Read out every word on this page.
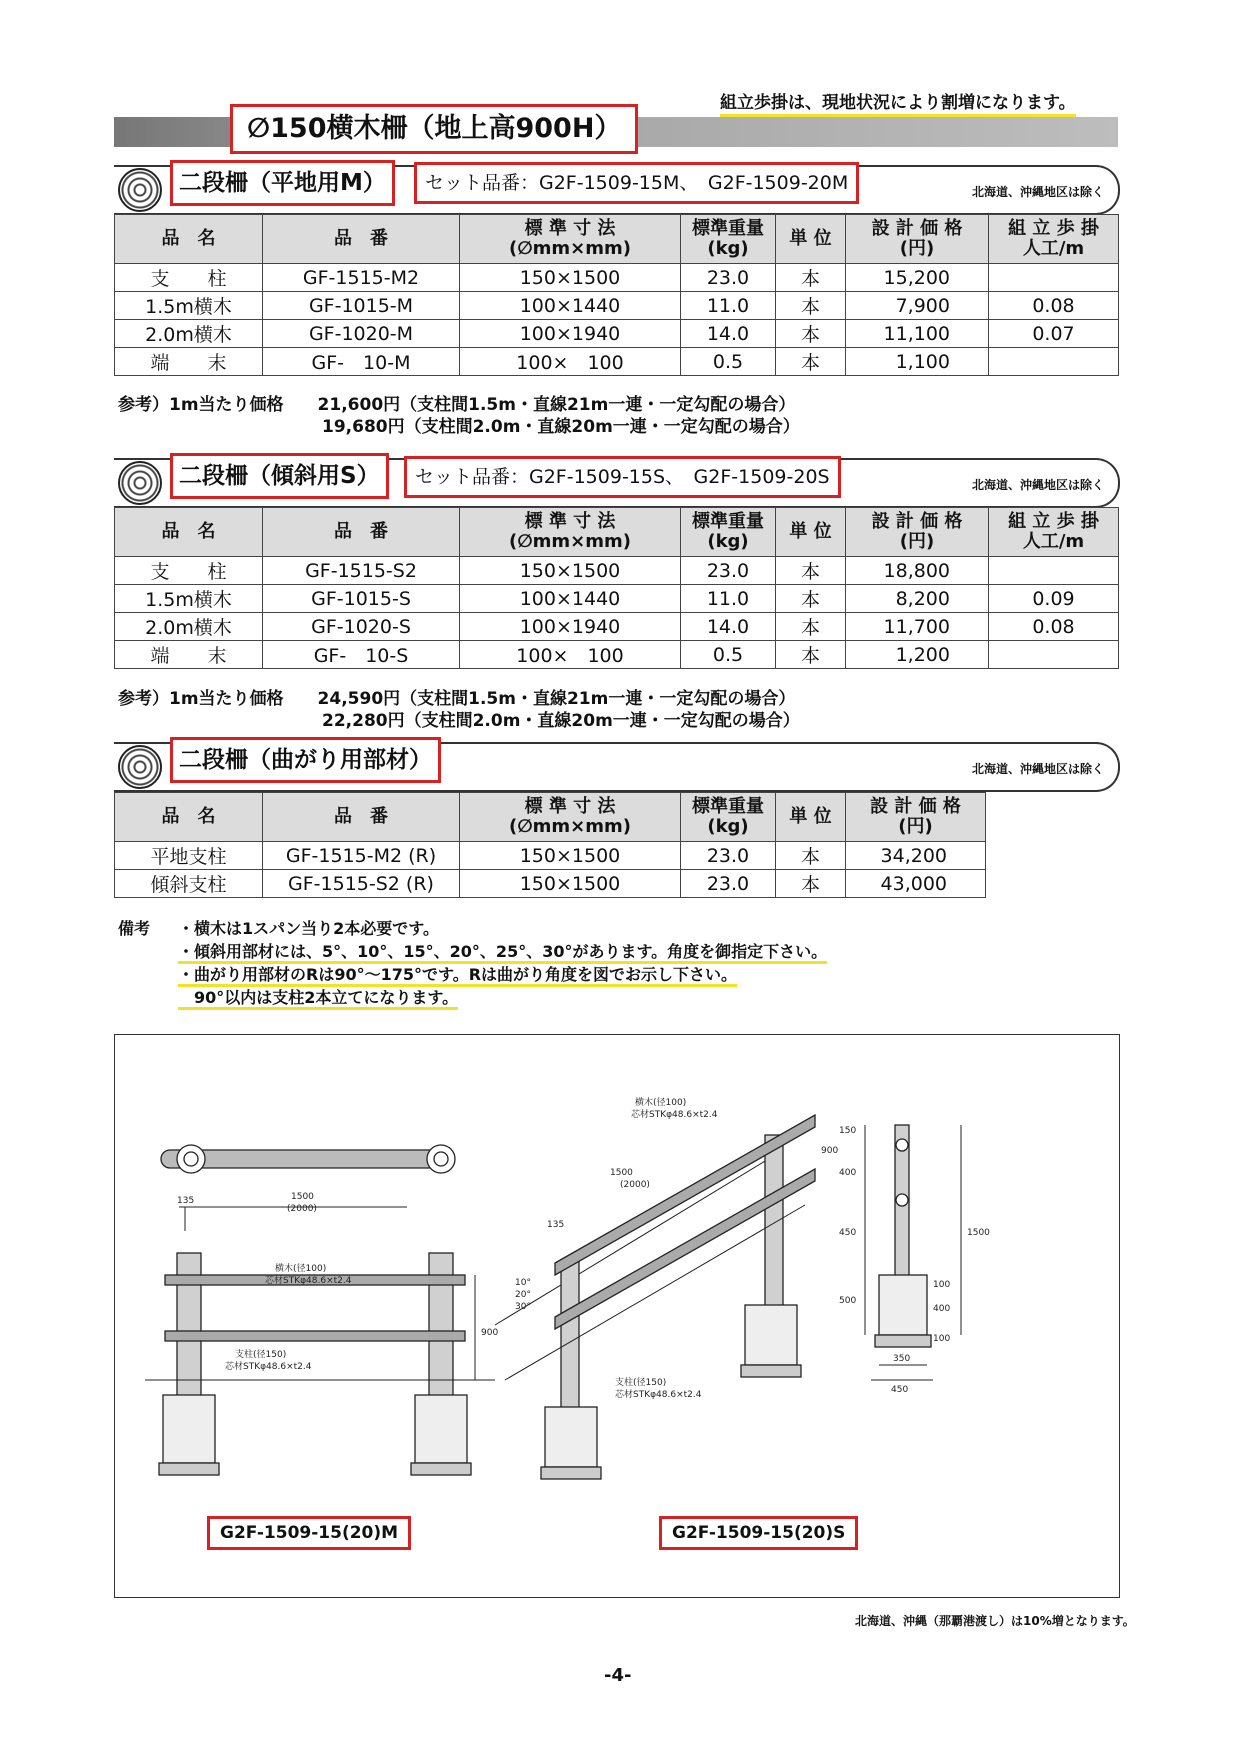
組立歩掛は、現地状況により割増になります。
∅150横木柵（地上高900H）
二段柵（平地用M）	セット品番：G2F-1509-15M、　G2F-1509-20M	北海道、沖縄地区は除く
品　名	品　番	標 準 寸 法
(∅mm×mm)	標準重量
(kg)	単 位	設 計 価 格
(円)	組 立 歩 掛
人工/m
支　　柱	GF-1515-M2	150×1500	23.0	本	15,200	
1.5m横木	GF-1015-M	100×1440	11.0	本	7,900	0.08
2.0m横木	GF-1020-M	100×1940	14.0	本	11,100	0.07
端　　末	GF-　10-M	100×　100	0.5	本	1,100	
参考）1m当たり価格　　21,600円（支柱間1.5m・直線21m一連・一定勾配の場合）
　　　　　　　　　　　　19,680円（支柱間2.0m・直線20m一連・一定勾配の場合）
二段柵（傾斜用S）	セット品番：G2F-1509-15S、　G2F-1509-20S	北海道、沖縄地区は除く
品　名	品　番	標 準 寸 法
(∅mm×mm)	標準重量
(kg)	単 位	設 計 価 格
(円)	組 立 歩 掛
人工/m
支　　柱	GF-1515-S2	150×1500	23.0	本	18,800	
1.5m横木	GF-1015-S	100×1440	11.0	本	8,200	0.09
2.0m横木	GF-1020-S	100×1940	14.0	本	11,700	0.08
端　　末	GF-　10-S	100×　100	0.5	本	1,200	
参考）1m当たり価格　　24,590円（支柱間1.5m・直線21m一連・一定勾配の場合）
　　　　　　　　　　　　22,280円（支柱間2.0m・直線20m一連・一定勾配の場合）
二段柵（曲がり用部材）	北海道、沖縄地区は除く
品　名	品　番	標 準 寸 法
(∅mm×mm)	標準重量
(kg)	単 位	設 計 価 格
(円)
平地支柱	GF-1515-M2 (R)	150×1500	23.0	本	34,200
傾斜支柱	GF-1515-S2 (R)	150×1500	23.0	本	43,000
備考 ・横木は1スパン当り2本必要です。
・傾斜用部材には、5°、10°、15°、20°、25°、30°があります。角度を御指定下さい。
・曲がり用部材のRは90°～175°です。Rは曲がり角度を図でお示し下さい。
　90°以内は支柱2本立てになります。
135	1500
(2000)
900
横木(径100)
芯材STKφ48.6×t2.4
支柱(径150)
芯材STKφ48.6×t2.4
横木(径100)
芯材STKφ48.6×t2.4
1500
(2000)
135
900
10°
20°
30°
支柱(径150)
芯材STKφ48.6×t2.4
150
400
450
500
100
400
100
1500
350
450
G2F-1509-15(20)M	G2F-1509-15(20)S
北海道、沖縄（那覇港渡し）は10%増となります。
-4-
